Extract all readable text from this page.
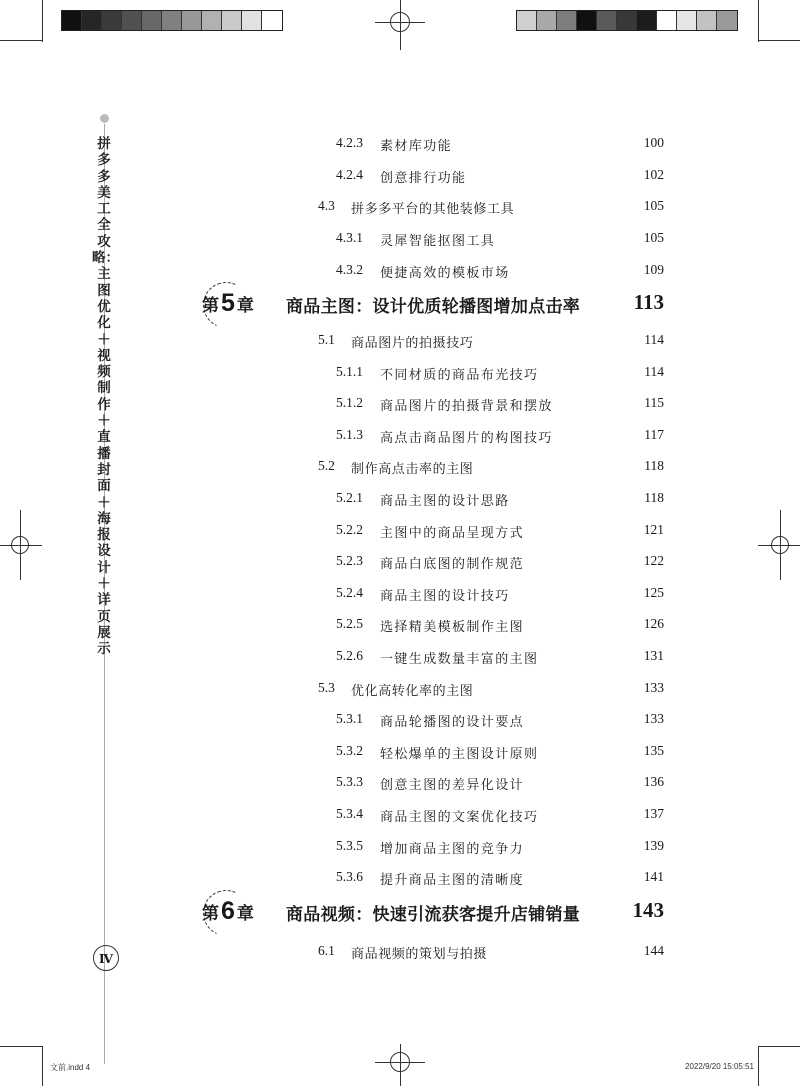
拼多多美工全攻略：主图优化＋视频制作＋直播封面＋海报设计＋详页展示
4.2.3 素材库功能	100
4.2.4 创意排行功能	102
4.3 拼多多平台的其他装修工具	105
4.3.1 灵犀智能抠图工具	105
4.3.2 便捷高效的模板市场	109
第 5 章 商品主图：设计优质轮播图增加点击率	113
5.1 商品图片的拍摄技巧	114
5.1.1 不同材质的商品布光技巧	114
5.1.2 商品图片的拍摄背景和摆放	115
5.1.3 高点击商品图片的构图技巧	117
5.2 制作高点击率的主图	118
5.2.1 商品主图的设计思路	118
5.2.2 主图中的商品呈现方式	121
5.2.3 商品白底图的制作规范	122
5.2.4 商品主图的设计技巧	125
5.2.5 选择精美模板制作主图	126
5.2.6 一键生成数量丰富的主图	131
5.3 优化高转化率的主图	133
5.3.1 商品轮播图的设计要点	133
5.3.2 轻松爆单的主图设计原则	135
5.3.3 创意主图的差异化设计	136
5.3.4 商品主图的文案优化技巧	137
5.3.5 增加商品主图的竞争力	139
5.3.6 提升商品主图的清晰度	141
第 6 章 商品视频：快速引流获客提升店铺销量 143
6.1 商品视频的策划与拍摄	144
Ⅳ
文前.indd 4	2022/9/20 15:05:51
